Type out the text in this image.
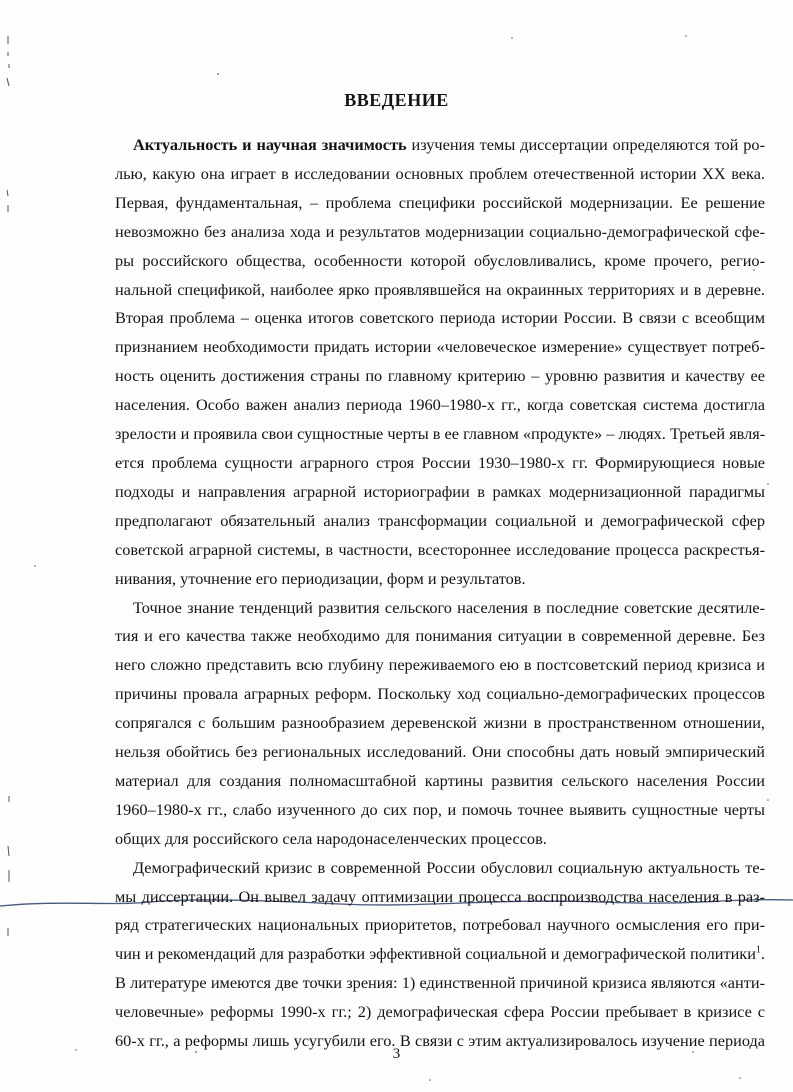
ВВЕДЕНИЕ
Актуальность и научная значимость изучения темы диссертации определяются той ро-
лью, какую она играет в исследовании основных проблем отечественной истории XX века.
Первая, фундаментальная, – проблема специфики российской модернизации. Ее решение
невозможно без анализа хода и результатов модернизации социально-демографической сфе-
ры российского общества, особенности которой обусловливались, кроме прочего, регио-
нальной спецификой, наиболее ярко проявлявшейся на окраинных территориях и в деревне.
Вторая проблема – оценка итогов советского периода истории России. В связи с всеобщим
признанием необходимости придать истории «человеческое измерение» существует потреб-
ность оценить достижения страны по главному критерию – уровню развития и качеству ее
населения. Особо важен анализ периода 1960–1980-х гг., когда советская система достигла
зрелости и проявила свои сущностные черты в ее главном «продукте» – людях. Третьей явля-
ется проблема сущности аграрного строя России 1930–1980-х гг. Формирующиеся новые
подходы и направления аграрной историографии в рамках модернизационной парадигмы
предполагают обязательный анализ трансформации социальной и демографической сфер
советской аграрной системы, в частности, всестороннее исследование процесса раскрестья-
нивания, уточнение его периодизации, форм и результатов.
Точное знание тенденций развития сельского населения в последние советские десятиле-
тия и его качества также необходимо для понимания ситуации в современной деревне. Без
него сложно представить всю глубину переживаемого ею в постсоветский период кризиса и
причины провала аграрных реформ. Поскольку ход социально-демографических процессов
сопрягался с большим разнообразием деревенской жизни в пространственном отношении,
нельзя обойтись без региональных исследований. Они способны дать новый эмпирический
материал для создания полномасштабной картины развития сельского населения России
1960–1980-х гг., слабо изученного до сих пор, и помочь точнее выявить сущностные черты
общих для российского села народонаселенческих процессов.
Демографический кризис в современной России обусловил социальную актуальность те-
мы диссертации. Он вывел задачу оптимизации процесса воспроизводства населения в раз-
ряд стратегических национальных приоритетов, потребовал научного осмысления его при-
чин и рекомендаций для разработки эффективной социальной и демографической политики$^1$.
В литературе имеются две точки зрения: 1) единственной причиной кризиса являются «анти-
человечные» реформы 1990-х гг.; 2) демографическая сфера России пребывает в кризисе с
60-х гг., а реформы лишь усугубили его. В связи с этим актуализировалось изучение периода
3
